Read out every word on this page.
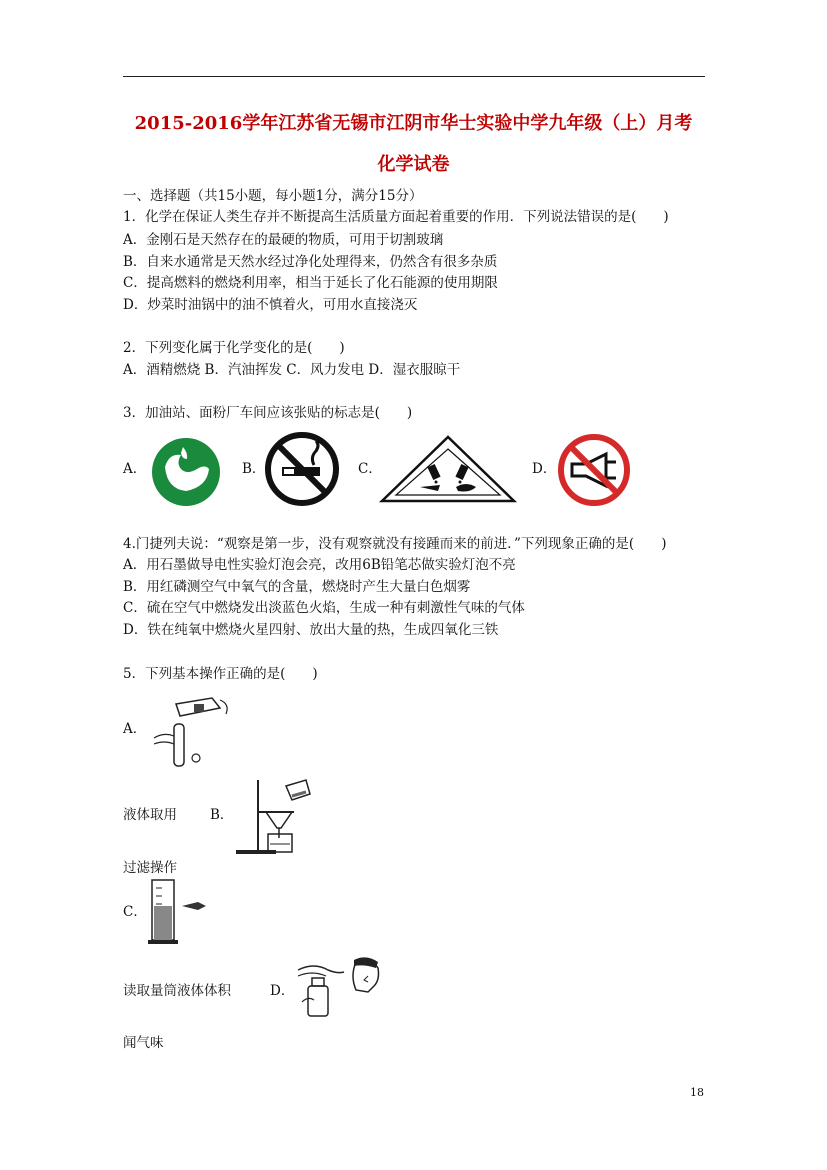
2015-2016学年江苏省无锡市江阴市华士实验中学九年级（上）月考
化学试卷
一、选择题（共15小题，每小题1分，满分15分）
1．化学在保证人类生存并不断提高生活质量方面起着重要的作用．下列说法错误的是(　　)
A．金刚石是天然存在的最硬的物质，可用于切割玻璃
B．自来水通常是天然水经过净化处理得来，仍然含有很多杂质
C．提高燃料的燃烧利用率，相当于延长了化石能源的使用期限
D．炒菜时油锅中的油不慎着火，可用水直接浇灭
2．下列变化属于化学变化的是(　　)
A．酒精燃烧 B．汽油挥发 C．风力发电 D．湿衣服晾干
3．加油站、面粉厂车间应该张贴的标志是(　　)
A．	B．	C．	D．
4.门捷列夫说：“观察是第一步，没有观察就没有接踵而来的前进．”下列现象正确的是(　　)
A．用石墨做导电性实验灯泡会亮，改用6B铅笔芯做实验灯泡不亮
B．用红磷测空气中氧气的含量，燃烧时产生大量白色烟雾
C．硫在空气中燃烧发出淡蓝色火焰，生成一种有刺激性气味的气体
D．铁在纯氧中燃烧火星四射、放出大量的热，生成四氧化三铁
5．下列基本操作正确的是(　　)
A．
液体取用 B．
过滤操作
C．
读取量筒液体体积	D．
闻气味
18
